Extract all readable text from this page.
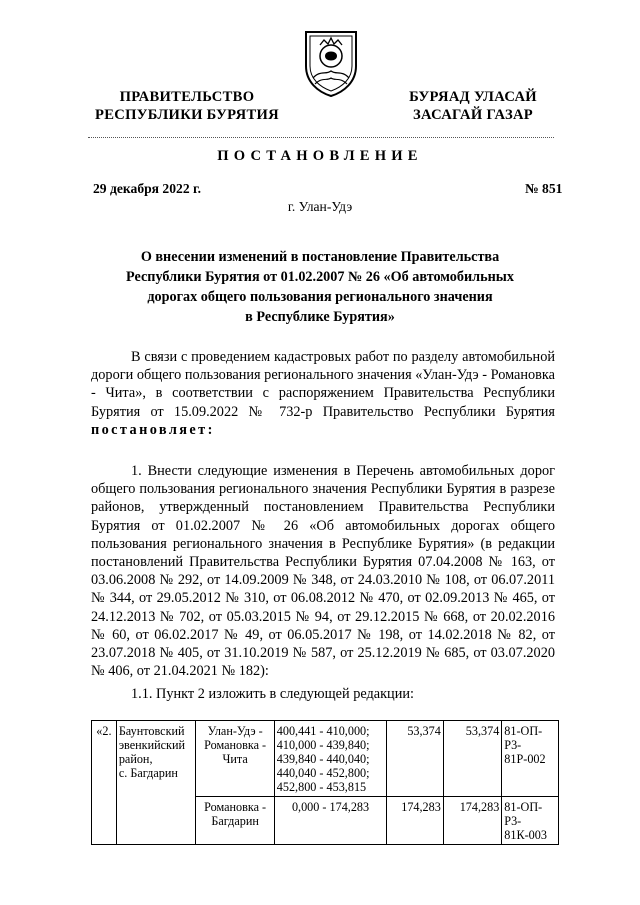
ПРАВИТЕЛЬСТВО
РЕСПУБЛИКИ БУРЯТИЯ
БУРЯАД УЛАСАЙ
ЗАСАГАЙ ГАЗАР
ПОСТАНОВЛЕНИЕ
29 декабря 2022 г.	№ 851
г. Улан-Удэ
О внесении изменений в постановление Правительства
Республики Бурятия от 01.02.2007 № 26 «Об автомобильных
дорогах общего пользования регионального значения
в Республике Бурятия»
В связи с проведением кадастровых работ по разделу автомобильной дороги общего пользования регионального значения «Улан-Удэ - Романовка - Чита», в соответствии с распоряжением Правительства Республики Бурятия от 15.09.2022 № 732-р Правительство Республики Бурятия постановляет:
1. Внести следующие изменения в Перечень автомобильных дорог общего пользования регионального значения Республики Бурятия в разрезе районов, утвержденный постановлением Правительства Республики Бурятия от 01.02.2007 № 26 «Об автомобильных дорогах общего пользования регионального значения в Республике Бурятия» (в редакции постановлений Правительства Республики Бурятия 07.04.2008 № 163, от 03.06.2008 № 292, от 14.09.2009 № 348, от 24.03.2010 № 108, от 06.07.2011 № 344, от 29.05.2012 № 310, от 06.08.2012 № 470, от 02.09.2013 № 465, от 24.12.2013 № 702, от 05.03.2015 № 94, от 29.12.2015 № 668, от 20.02.2016 № 60, от 06.02.2017 № 49, от 06.05.2017 № 198, от 14.02.2018 № 82, от 23.07.2018 № 405, от 31.10.2019 № 587, от 25.12.2019 № 685, от 03.07.2020 № 406, от 21.04.2021 № 182):
1.1. Пункт 2 изложить в следующей редакции:
«2.	Баунтовский эвенкийский район,
с. Багдарин	Улан-Удэ - Романовка - Чита	400,441 - 410,000;
410,000 - 439,840;
439,840 - 440,040;
440,040 - 452,800;
452,800 - 453,815	53,374	53,374	81-ОП-Р3-81Р-002
		Романовка - Багдарин	0,000 - 174,283	174,283	174,283	81-ОП-Р3-81К-003
